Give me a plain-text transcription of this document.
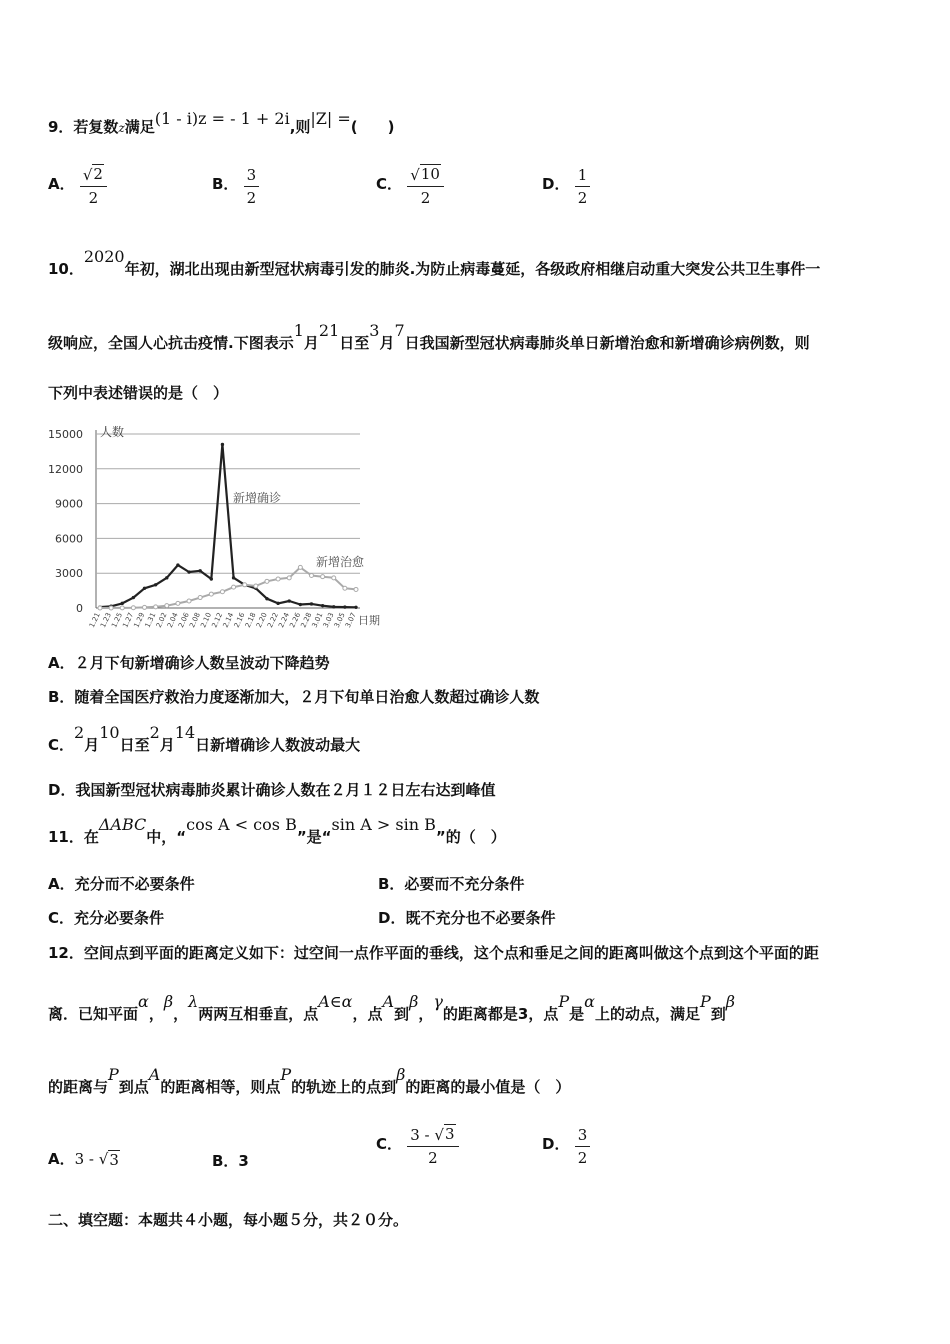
9．若复数z满足(1 - i)z = - 1 + 2i,则|Z| =(　　)
A． $\frac{√ 2}{2}$	B． $\frac{3}{2}$	C． $\frac{√ 10}{2}$	D． $\frac{1}{2}$
10．2020年初，湖北出现由新型冠状病毒引发的肺炎.为防止病毒蔓延，各级政府相继启动重大突发公共卫生事件一
级响应，全国人心抗击疫情.下图表示1月21日至3月7日我国新型冠状病毒肺炎单日新增治愈和新增确诊病例数，则
下列中表述错误的是（　）
15000
12000
9000
6000
3000
0
1.21
1.23
1.25
1.27
1.29
1.31
2.02
2.04
2.06
2.08
2.10
2.12
2.14
2.16
2.18
2.20
2.22
2.24
2.26
2.28
3.01
3.03
3.05
3.07
人数
日期
新增确诊
新增治愈
A．２月下旬新增确诊人数呈波动下降趋势
B．随着全国医疗救治力度逐渐加大，２月下旬单日治愈人数超过确诊人数
C．2月10日至2月14日新增确诊人数波动最大
D．我国新型冠状病毒肺炎累计确诊人数在２月１２日左右达到峰值
11．在ΔABC中，“cos A < cos B”是“sin A > sin B”的（　）
A．充分而不必要条件	B．必要而不充分条件
C．充分必要条件	D．既不充分也不必要条件
12．空间点到平面的距离定义如下：过空间一点作平面的垂线，这个点和垂足之间的距离叫做这个点到这个平面的距
离．已知平面α，β，λ两两互相垂直，点A∈α，点A到β，γ的距离都是3，点P是α上的动点，满足P到β
的距离与P到点A的距离相等，则点P的轨迹上的点到β的距离的最小值是（　）
A．3 - √ 3	B．3
C． $\frac{3 - √ 3}{2}$	D． $\frac{3}{2}$
二、填空题：本题共４小题，每小题５分，共２０分。
